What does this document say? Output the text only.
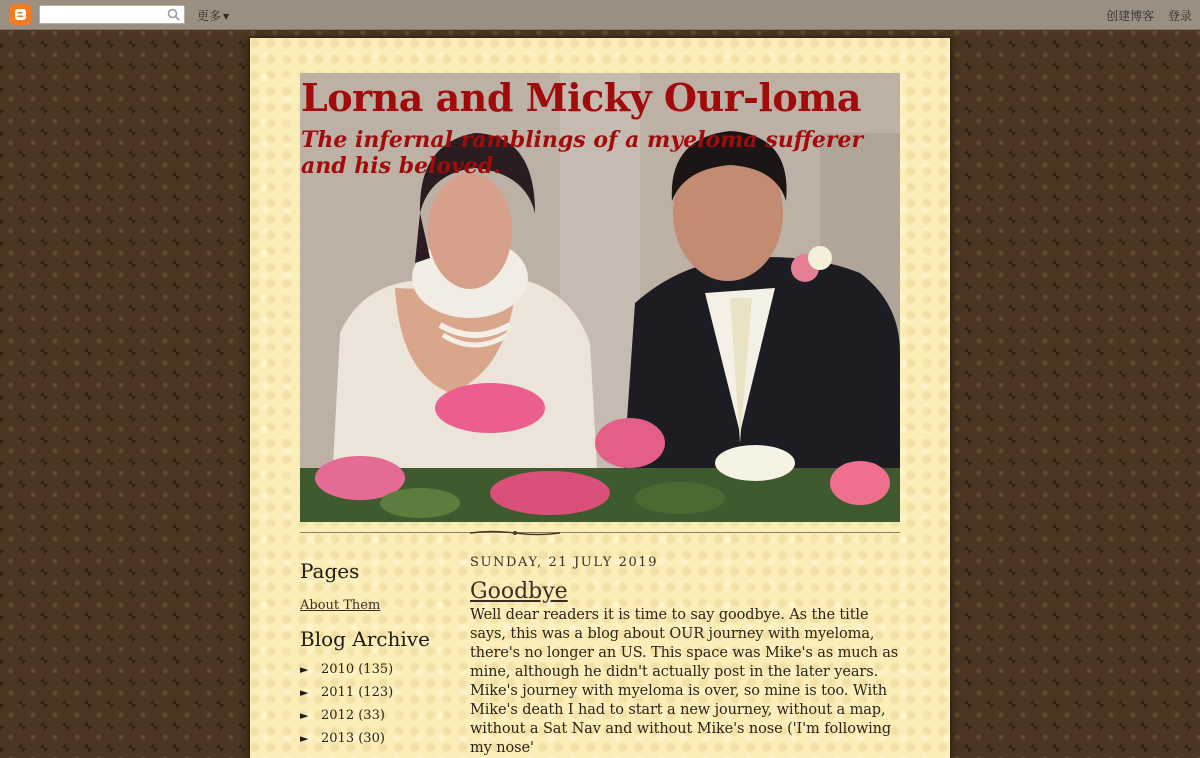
更多 ▼	创建博客 登录
Lorna and Micky Our-loma

The infernal ramblings of a myeloma sufferer and his beloved.

Pages
About Them
Blog Archive
► 2010 (135)
► 2011 (123)
► 2012 (33)
► 2013 (30)
SUNDAY, 21 JULY 2019
Goodbye

Well dear readers it is time to say goodbye. As the title says, this was a blog about OUR journey with myeloma, there's no longer an US. This space was Mike's as much as mine, although he didn't actually post in the later years. Mike's journey with myeloma is over, so mine is too. With Mike's death I had to start a new journey, without a map, without a Sat Nav and without Mike's nose ('I'm following my nose'
